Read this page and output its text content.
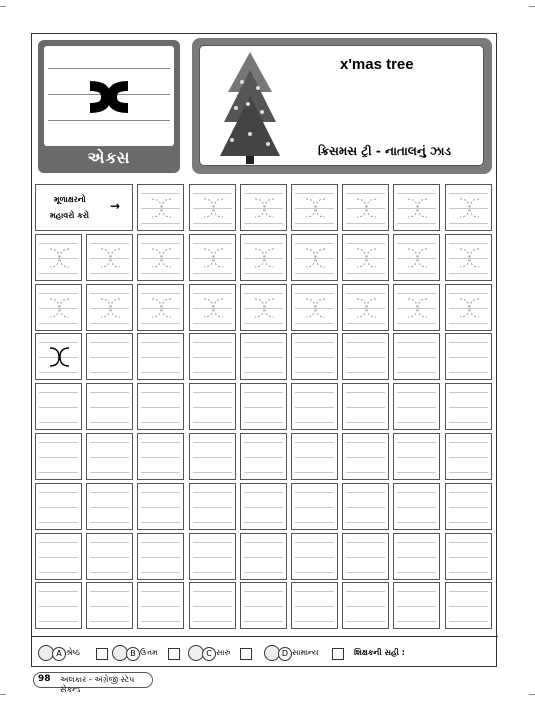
એક્સ
x'mas tree
ક્રિસમસ ટ્રી - નાતાલનું ઝાડ
મૂળાક્ષરનો
મહાવરો કરો
→
A શ્રેષ્ઠ	B ઉત્તમ	C સારું	D સામાન્ય	શિક્ષકની સહી :
98 અલંકાર - અંગ્રેજી સ્ટેપ સેકન્ડ
